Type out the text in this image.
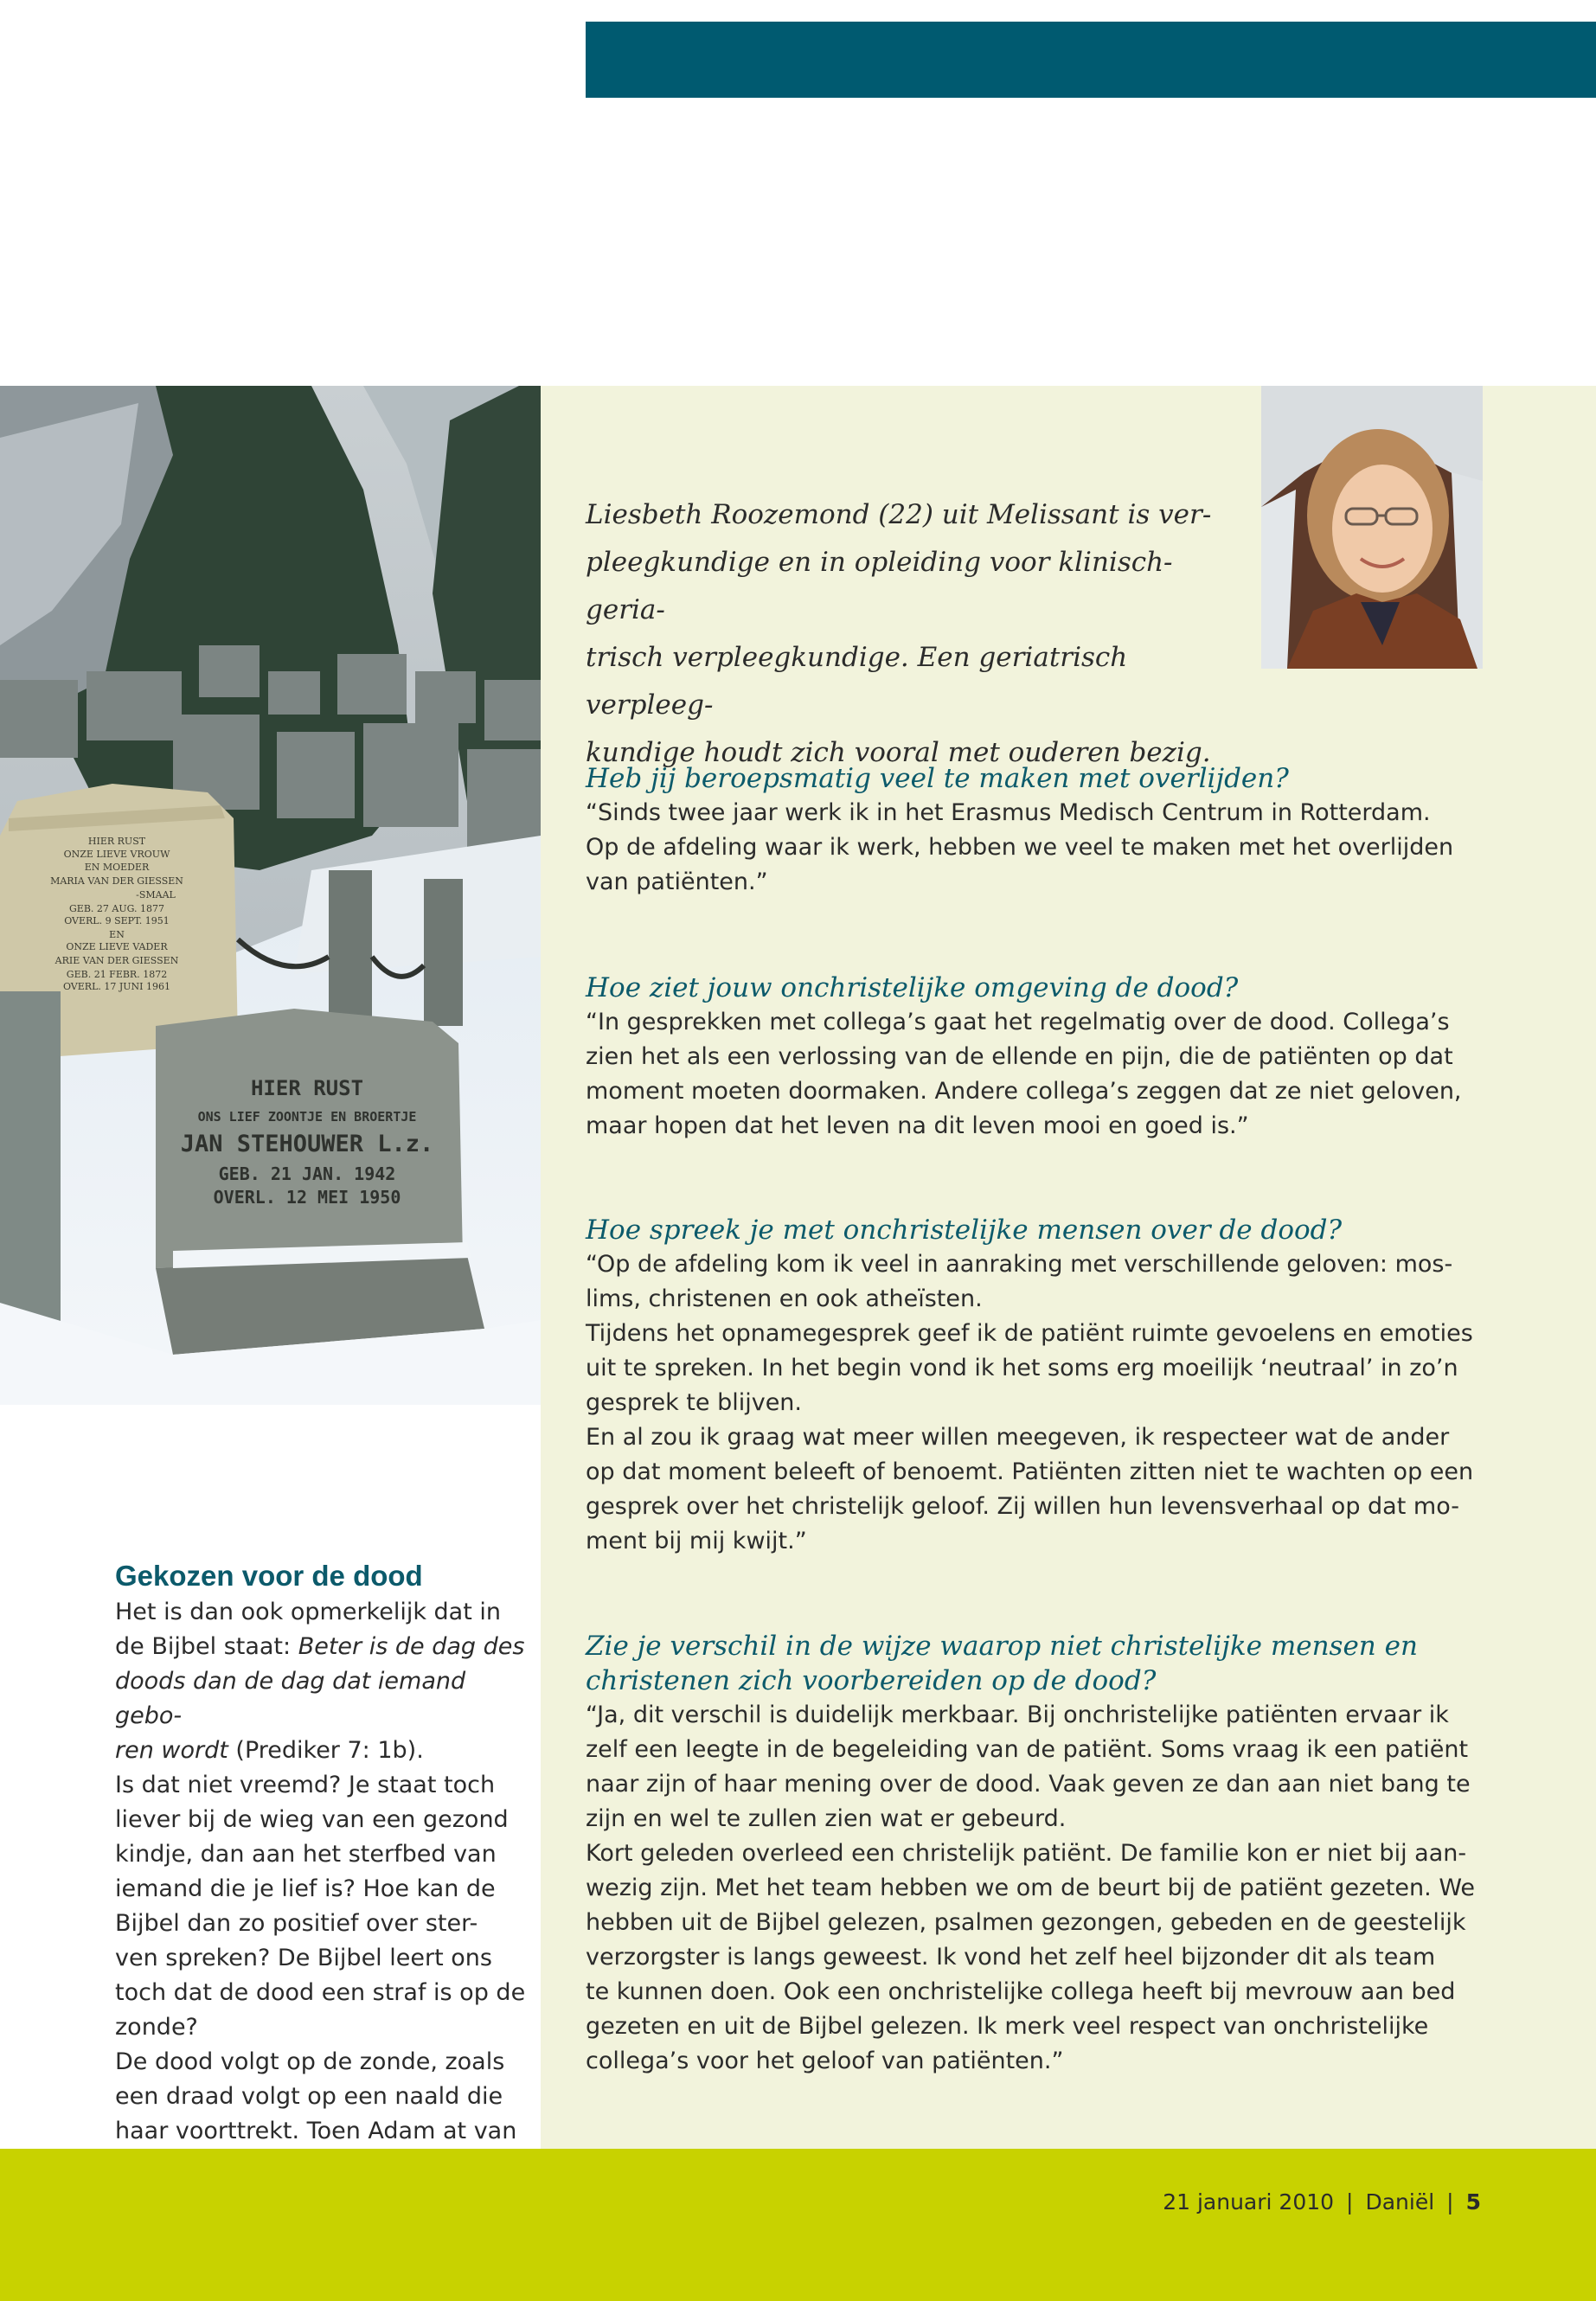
HIER RUST
ONZE LIEVE VROUW
EN MOEDER
MARIA VAN DER GIESSEN
-SMAAL
GEB. 27 AUG. 1877
OVERL. 9 SEPT. 1951
EN
ONZE LIEVE VADER
ARIE VAN DER GIESSEN
GEB. 21 FEBR. 1872
OVERL. 17 JUNI 1961
HIER RUST
ONS LIEF ZOONTJE EN BROERTJE
JAN STEHOUWER L.z.
GEB. 21 JAN. 1942
OVERL. 12 MEI 1950
Liesbeth Roozemond (22) uit Melissant is ver-
pleegkundige en in opleiding voor klinisch-geria-
trisch verpleegkundige. Een geriatrisch verpleeg-
kundige houdt zich vooral met ouderen bezig.

Heb jij beroepsmatig veel te maken met overlijden?

“Sinds twee jaar werk ik in het Erasmus Medisch Centrum in Rotterdam.

Op de afdeling waar ik werk, hebben we veel te maken met het overlijden

van patiënten.”

Hoe ziet jouw onchristelijke omgeving de dood?

“In gesprekken met collega’s gaat het regelmatig over de dood. Collega’s

zien het als een verlossing van de ellende en pijn, die de patiënten op dat

moment moeten doormaken. Andere collega’s zeggen dat ze niet geloven,

maar hopen dat het leven na dit leven mooi en goed is.”

Hoe spreek je met onchristelijke mensen over de dood?

“Op de afdeling kom ik veel in aanraking met verschillende geloven: mos-

lims, christenen en ook atheïsten.

Tijdens het opnamegesprek geef ik de patiënt ruimte gevoelens en emoties

uit te spreken. In het begin vond ik het soms erg moeilijk ‘neutraal’ in zo’n

gesprek te blijven.

En al zou ik graag wat meer willen meegeven, ik respecteer wat de ander

op dat moment beleeft of benoemt. Patiënten zitten niet te wachten op een

gesprek over het christelijk geloof. Zij willen hun levensverhaal op dat mo-

ment bij mij kwijt.”

Zie je verschil in de wijze waarop niet christelijke mensen en

christenen zich voorbereiden op de dood?

“Ja, dit verschil is duidelijk merkbaar. Bij onchristelijke patiënten ervaar ik

zelf een leegte in de begeleiding van de patiënt. Soms vraag ik een patiënt

naar zijn of haar mening over de dood. Vaak geven ze dan aan niet bang te

zijn en wel te zullen zien wat er gebeurd.

Kort geleden overleed een christelijk patiënt. De familie kon er niet bij aan-

wezig zijn. Met het team hebben we om de beurt bij de patiënt gezeten. We

hebben uit de Bijbel gelezen, psalmen gezongen, gebeden en de geestelijk

verzorgster is langs geweest. Ik vond het zelf heel bijzonder dit als team

te kunnen doen. Ook een onchristelijke collega heeft bij mevrouw aan bed

gezeten en uit de Bijbel gelezen. Ik merk veel respect van onchristelijke

collega’s voor het geloof van patiënten.”

Gekozen voor de dood

Het is dan ook opmerkelijk dat in

de Bijbel staat: Beter is de dag des

doods dan de dag dat iemand gebo-

ren wordt (Prediker 7: 1b).

Is dat niet vreemd? Je staat toch

liever bij de wieg van een gezond

kindje, dan aan het sterfbed van

iemand die je lief is? Hoe kan de

Bijbel dan zo positief over ster-

ven spreken? De Bijbel leert ons

toch dat de dood een straf is op de

zonde?

De dood volgt op de zonde, zoals

een draad volgt op een naald die

haar voorttrekt. Toen Adam at van

21 januari 2010 | Daniël | 5
